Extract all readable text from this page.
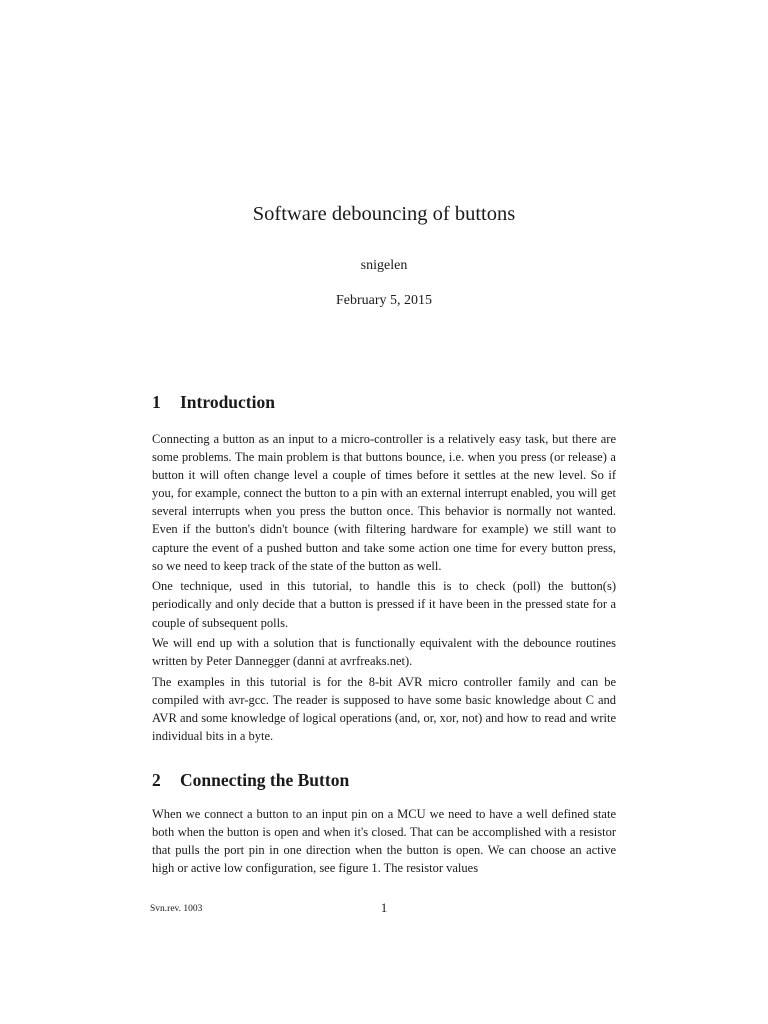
Software debouncing of buttons
snigelen
February 5, 2015
1 Introduction

Connecting a button as an input to a micro-controller is a relatively easy task, but there are some problems. The main problem is that buttons bounce, i.e. when you press (or release) a button it will often change level a couple of times before it settles at the new level. So if you, for example, connect the button to a pin with an external interrupt enabled, you will get several interrupts when you press the button once. This behavior is normally not wanted. Even if the button's didn't bounce (with filtering hardware for example) we still want to capture the event of a pushed button and take some action one time for every button press, so we need to keep track of the state of the button as well.

One technique, used in this tutorial, to handle this is to check (poll) the button(s) periodically and only decide that a button is pressed if it have been in the pressed state for a couple of subsequent polls.

We will end up with a solution that is functionally equivalent with the debounce routines written by Peter Dannegger (danni at avrfreaks.net).

The examples in this tutorial is for the 8-bit AVR micro controller family and can be compiled with avr-gcc. The reader is supposed to have some basic knowledge about C and AVR and some knowledge of logical operations (and, or, xor, not) and how to read and write individual bits in a byte.

2 Connecting the Button

When we connect a button to an input pin on a MCU we need to have a well defined state both when the button is open and when it's closed. That can be accomplished with a resistor that pulls the port pin in one direction when the button is open. We can choose an active high or active low configuration, see figure 1. The resistor values

Svn.rev. 1003	1
